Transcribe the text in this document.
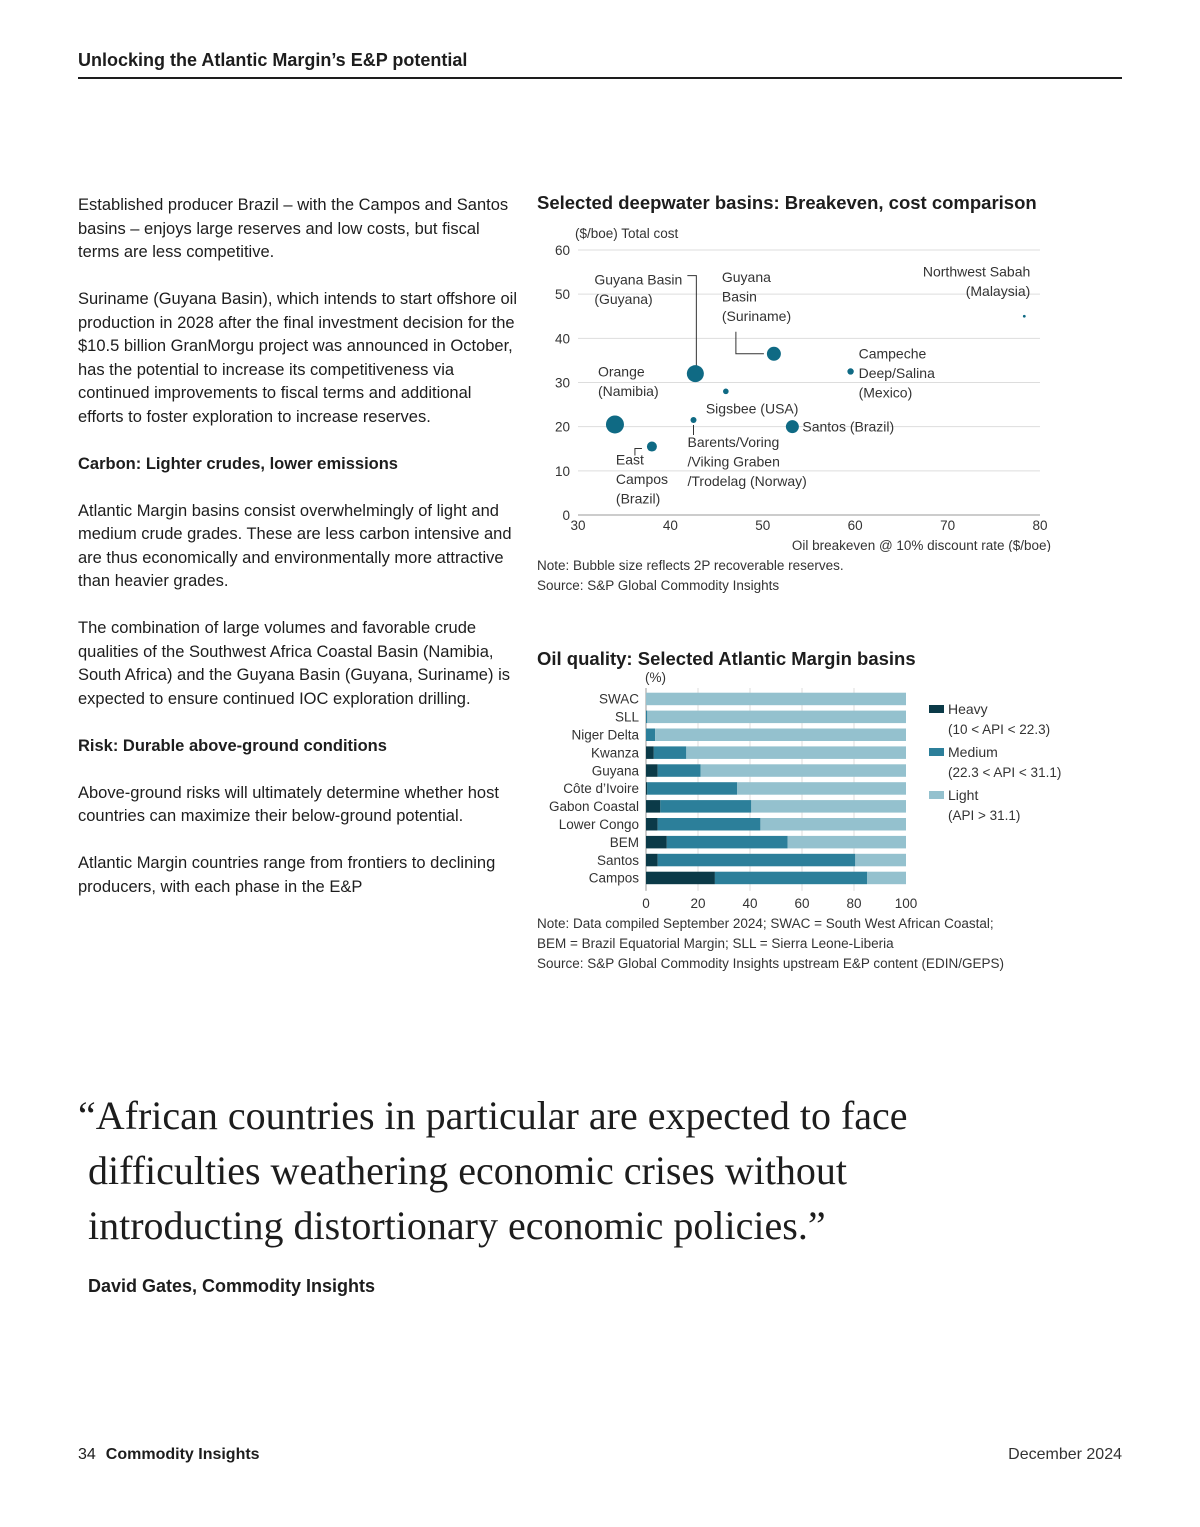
Unlocking the Atlantic Margin’s E&P potential

Established producer Brazil – with the Campos and Santos basins – enjoys large reserves and low costs, but fiscal terms are less competitive.

Suriname (Guyana Basin), which intends to start offshore oil production in 2028 after the final investment decision for the $10.5 billion GranMorgu project was announced in October, has the potential to increase its competitiveness via continued improvements to fiscal terms and additional efforts to foster exploration to increase reserves.

Carbon: Lighter crudes, lower emissions

Atlantic Margin basins consist overwhelmingly of light and medium crude grades. These are less carbon intensive and are thus economically and environmentally more attractive than heavier grades.

The combination of large volumes and favorable crude qualities of the Southwest Africa Coastal Basin (Namibia, South Africa) and the Guyana Basin (Guyana, Suriname) is expected to ensure continued IOC exploration drilling.

Risk: Durable above-ground conditions

Above-ground risks will ultimately determine whether host countries can maximize their below-ground potential.

Atlantic Margin countries range from frontiers to declining producers, with each phase in the E&P

Selected deepwater basins: Breakeven, cost comparison
($/boe) Total cost
0
10
20
30
40
50
60
30	40	50	60	70	80
Oil breakeven @ 10% discount rate ($/boe)
Orange
(Namibia)
East
Campos
(Brazil)
Guyana Basin
(Guyana)
Barents/Voring
/Viking Graben
/Trodelag (Norway)
Sigsbee (USA)
Guyana
Basin
(Suriname)
Santos (Brazil)
Campeche
Deep/Salina
(Mexico)
Northwest Sabah
(Malaysia)
Note: Bubble size reflects 2P recoverable reserves.
Source: S&P Global Commodity Insights
Oil quality: Selected Atlantic Margin basins
(%)
0	20	40	60	80 100
SWAC
SLL
Niger Delta
Kwanza
Guyana
Côte d’Ivoire
Gabon Coastal
Lower Congo
BEM
Santos
Campos
Heavy
(10 < API < 22.3)
Medium
(22.3 < API < 31.1)
Light
(API > 31.1)
Note: Data compiled September 2024; SWAC = South West African Coastal;
BEM = Brazil Equatorial Margin; SLL = Sierra Leone-Liberia
Source: S&P Global Commodity Insights upstream E&P content (EDIN/GEPS)
“African countries in particular are expected to face
difficulties weathering economic crises without
introducting distortionary economic policies.”
David Gates, Commodity Insights
34 Commodity Insights	December 2024
